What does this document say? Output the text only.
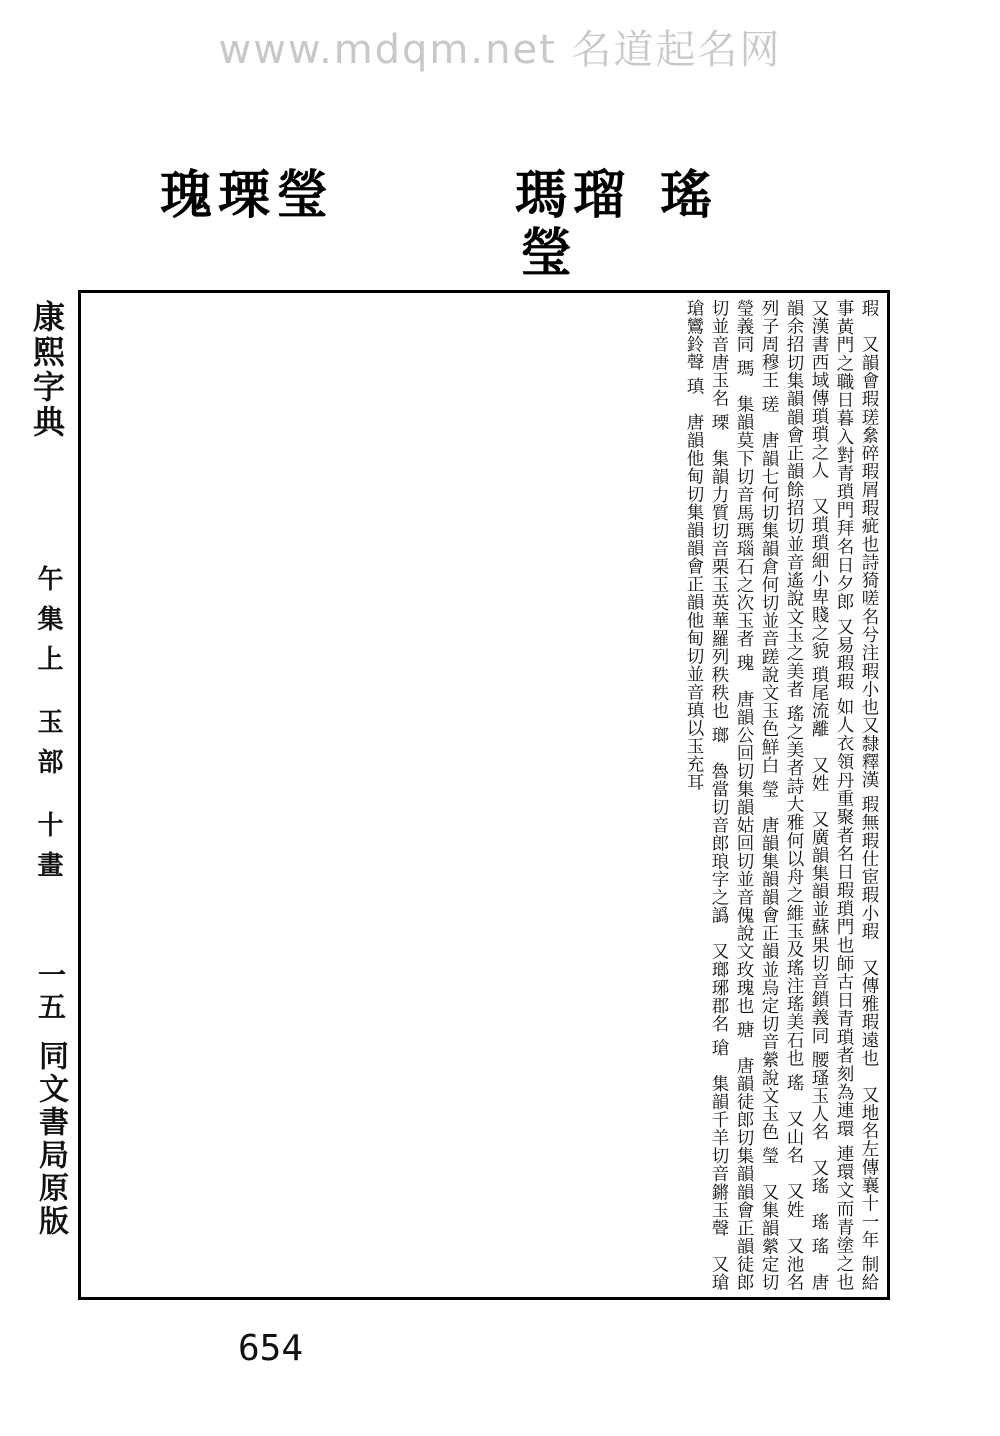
www.mdqm.net 名道起名网
瑰瑮瑩	瑪瑠
瑩
瑤
康熙字典
午集上 玉部 十畫
一五
同文書局原版
瑕　又韻會瑕瑳絫碎瑕屑瑕疵也詩猗嗟名兮注瑕小也又隸釋漢 瑕無瑕仕宦瑕小瑕　又傳雅瑕遠也　又地名左傳襄十一年 制給事黃門之職日暮入對青瑣門拜名日夕郎 又易瑕瑕 如人衣領丹重聚者名日瑕瑣門也師古日青瑣者刻為連環 連環文而青塗之也　又漢書西域傳瑣瑣之人　又瑣瑣細小卑賤之貌 瑣尾流離　又姓　又廣韻集韻並蘇果切音鎖義同 腰瑵玉人名　又瑤　瑤 瑤　唐韻余招切集韻韻會正韻餘招切並音遙說文玉之美者 瑤之美者詩大雅何以舟之維玉及瑤注瑤美石也 瑤　又山名　又姓　又池名列子周穆王 瑳　唐韻七何切集韻倉何切並音蹉說文玉色鮮白 瑩　唐韻集韻韻會正韻並烏定切音縈說文玉色 瑩　又集韻縈定切瑩義同 瑪　集韻莫下切音馬瑪瑙石之次玉者 瑰　唐韻公回切集韻姑回切並音傀說文玫瑰也 瑭　唐韻徒郎切集韻韻會正韻徒郎切並音唐玉名 瑮　集韻力質切音栗玉英華羅列秩秩也 瑯　魯當切音郎琅字之譌　又瑯琊郡名 瑲　集韻千羊切音鏘玉聲　又瑲瑲鸞鈴聲 瑱　唐韻他甸切集韻韻會正韻他甸切並音瑱以玉充耳
654
